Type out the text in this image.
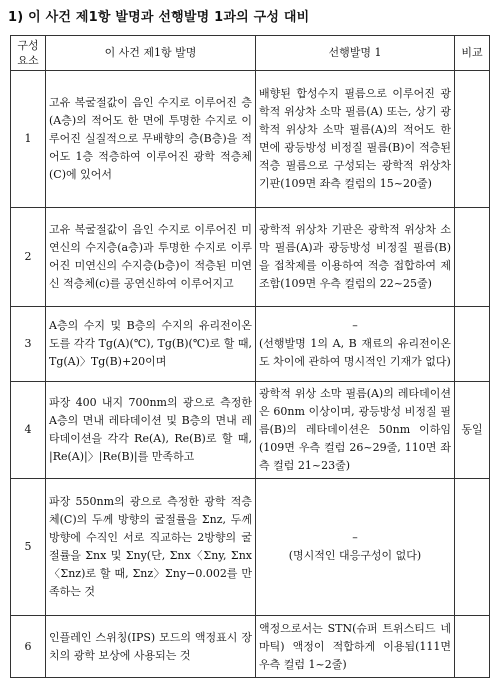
1) 이 사건 제1항 발명과 선행발명 1과의 구성 대비
구성
요소	이 사건 제1항 발명	선행발명 1	비교
1	고유 복굴절값이 음인 수지로 이루어진 층(A층)의 적어도 한 면에 투명한 수지로 이루어진 실질적으로 무배향의 층(B층)을 적어도 1층 적층하여 이루어진 광학 적층체(C)에 있어서	배향된 합성수지 필름으로 이루어진 광학적 위상차 소막 필름(A) 또는, 상기 광학적 위상차 소막 필름(A)의 적어도 한면에 광등방성 비정질 필름(B)이 적층된 적층 필름으로 구성되는 광학적 위상차 기판(109면 좌측 컬럼의 15~20줄)	
2	고유 복굴절값이 음인 수지로 이루어진 미연신의 수지층(a층)과 투명한 수지로 이루어진 미연신의 수지층(b층)이 적층된 미연신 적층체(c)를 공연신하여 이루어지고	광학적 위상차 기판은 광학적 위상차 소막 필름(A)과 광등방성 비정질 필름(B)을 접착제를 이용하여 적층 접합하여 제조함(109면 우측 컬럼의 22~25줄)	
3	A층의 수지 및 B층의 수지의 유리전이온도를 각각 Tg(A)(℃), Tg(B)(℃)로 할 때, Tg(A)〉Tg(B)+20이며	–
(선행발명 1의 A, B 재료의 유리전이온도 차이에 관하여 명시적인 기재가 없다)	

4	파장 400 내지 700nm의 광으로 측정한 A층의 면내 레타데이션 및 B층의 면내 레타데이션을 각각 Re(A), Re(B)로 할 때, |Re(A)|〉|Re(B)|를 만족하고	광학적 위상 소막 필름(A)의 레타데이션은 60nm 이상이며, 광등방성 비정질 필름(B)의 레타데이션은 50nm 이하임(109면 우측 컬럼 26~29줄, 110면 좌측 컬럼 21~23줄)	동일
5	파장 550nm의 광으로 측정한 광학 적층체(C)의 두께 방향의 굴절률을 Σnz, 두께 방향에 수직인 서로 직교하는 2방향의 굴절률을 Σnx 및 Σny(단, Σnx〈Σny, Σnx〈Σnz)로 할 때, Σnz〉Σny−0.002를 만족하는 것	–
(명시적인 대응구성이 없다)	

6	인플레인 스위칭(IPS) 모드의 액정표시 장치의 광학 보상에 사용되는 것	액정으로서는 STN(슈퍼 트위스티드 네마틱) 액정이 적합하게 이용됨(111면 우측 컬럼 1~2줄)	
